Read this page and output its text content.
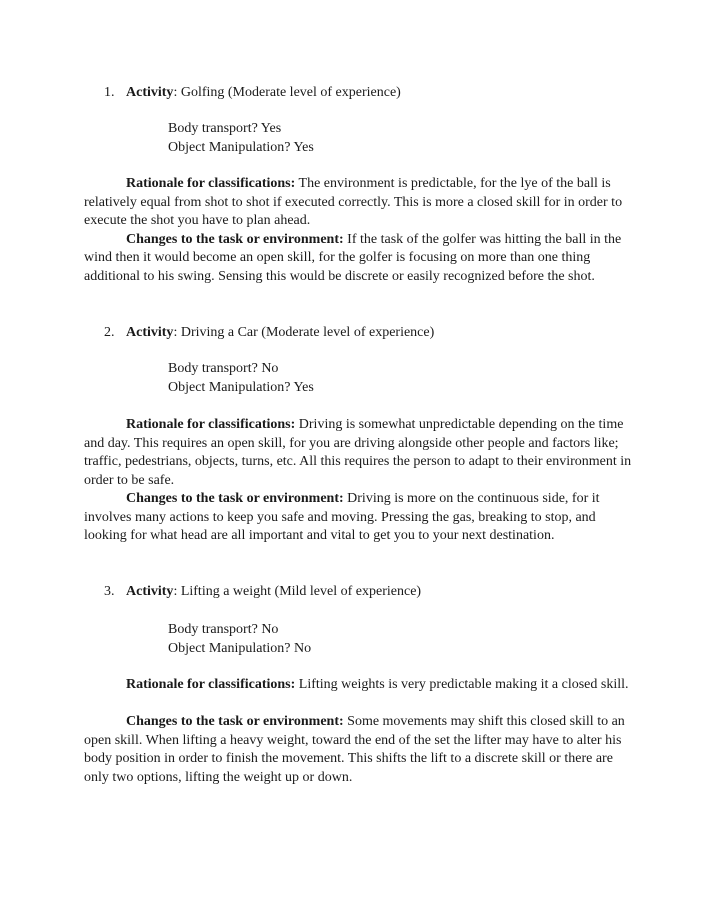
1. Activity: Golfing (Moderate level of experience)
Body transport? Yes
Object Manipulation? Yes
Rationale for classifications: The environment is predictable, for the lye of the ball is relatively equal from shot to shot if executed correctly. This is more a closed skill for in order to execute the shot you have to plan ahead.
Changes to the task or environment: If the task of the golfer was hitting the ball in the wind then it would become an open skill, for the golfer is focusing on more than one thing additional to his swing. Sensing this would be discrete or easily recognized before the shot.
2. Activity: Driving a Car (Moderate level of experience)
Body transport? No
Object Manipulation? Yes
Rationale for classifications: Driving is somewhat unpredictable depending on the time and day. This requires an open skill, for you are driving alongside other people and factors like; traffic, pedestrians, objects, turns, etc. All this requires the person to adapt to their environment in order to be safe.
Changes to the task or environment: Driving is more on the continuous side, for it involves many actions to keep you safe and moving. Pressing the gas, breaking to stop, and looking for what head are all important and vital to get you to your next destination.
3. Activity: Lifting a weight (Mild level of experience)
Body transport? No
Object Manipulation? No
Rationale for classifications: Lifting weights is very predictable making it a closed skill.
Changes to the task or environment: Some movements may shift this closed skill to an open skill. When lifting a heavy weight, toward the end of the set the lifter may have to alter his body position in order to finish the movement. This shifts the lift to a discrete skill or there are only two options, lifting the weight up or down.
